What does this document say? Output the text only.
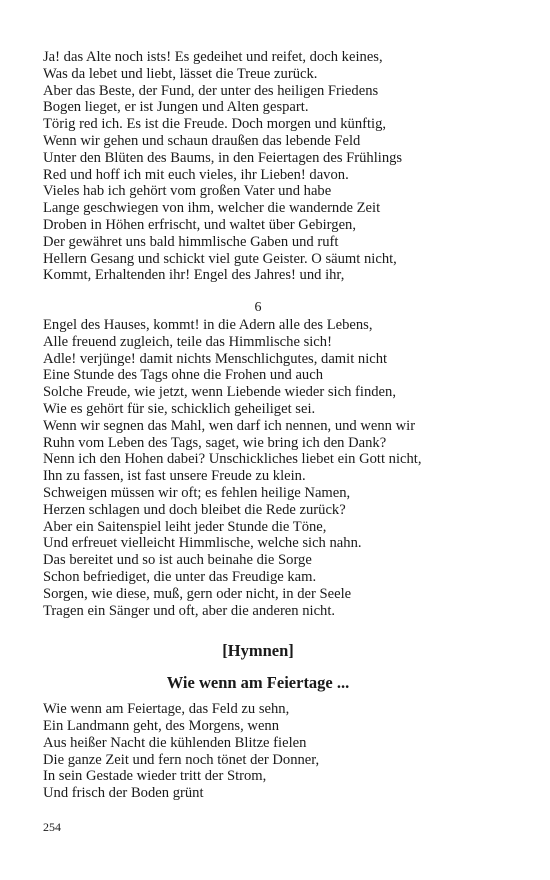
Ja! das Alte noch ists! Es gedeihet und reifet, doch keines,
Was da lebet und liebt, lässet die Treue zurück.
Aber das Beste, der Fund, der unter des heiligen Friedens
Bogen lieget, er ist Jungen und Alten gespart.
Törig red ich. Es ist die Freude. Doch morgen und künftig,
Wenn wir gehen und schaun draußen das lebende Feld
Unter den Blüten des Baums, in den Feiertagen des Frühlings
Red und hoff ich mit euch vieles, ihr Lieben! davon.
Vieles hab ich gehört vom großen Vater und habe
Lange geschwiegen von ihm, welcher die wandernde Zeit
Droben in Höhen erfrischt, und waltet über Gebirgen,
Der gewähret uns bald himmlische Gaben und ruft
Hellern Gesang und schickt viel gute Geister. O säumt nicht,
Kommt, Erhaltenden ihr! Engel des Jahres! und ihr,
6
Engel des Hauses, kommt! in die Adern alle des Lebens,
Alle freuend zugleich, teile das Himmlische sich!
Adle! verjünge! damit nichts Menschlichgutes, damit nicht
Eine Stunde des Tags ohne die Frohen und auch
Solche Freude, wie jetzt, wenn Liebende wieder sich finden,
Wie es gehört für sie, schicklich geheiliget sei.
Wenn wir segnen das Mahl, wen darf ich nennen, und wenn wir
Ruhn vom Leben des Tags, saget, wie bring ich den Dank?
Nenn ich den Hohen dabei? Unschickliches liebet ein Gott nicht,
Ihn zu fassen, ist fast unsere Freude zu klein.
Schweigen müssen wir oft; es fehlen heilige Namen,
Herzen schlagen und doch bleibet die Rede zurück?
Aber ein Saitenspiel leiht jeder Stunde die Töne,
Und erfreuet vielleicht Himmlische, welche sich nahn.
Das bereitet und so ist auch beinahe die Sorge
Schon befriediget, die unter das Freudige kam.
Sorgen, wie diese, muß, gern oder nicht, in der Seele
Tragen ein Sänger und oft, aber die anderen nicht.
[Hymnen]
Wie wenn am Feiertage ...
Wie wenn am Feiertage, das Feld zu sehn,
Ein Landmann geht, des Morgens, wenn
Aus heißer Nacht die kühlenden Blitze fielen
Die ganze Zeit und fern noch tönet der Donner,
In sein Gestade wieder tritt der Strom,
Und frisch der Boden grünt
254
